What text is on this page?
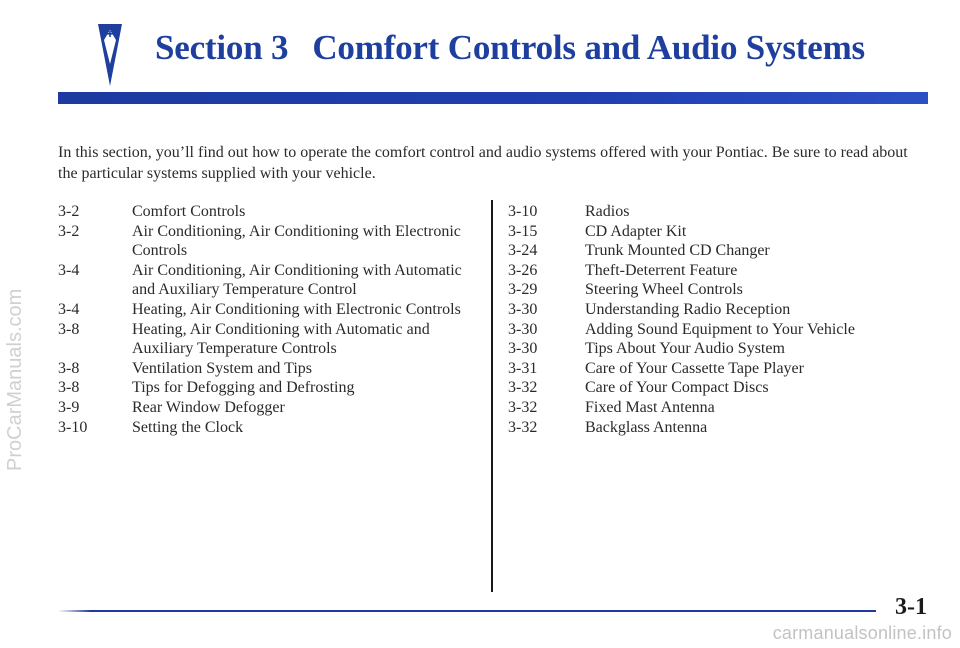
Section 3 Comfort Controls and Audio Systems

In this section, you’ll find out how to operate the comfort control and audio systems offered with your Pontiac. Be sure to read about the particular systems supplied with your vehicle.

3-2	Comfort Controls
3-2	Air Conditioning, Air Conditioning with Electronic Controls
3-4	Air Conditioning, Air Conditioning with Automatic and Auxiliary Temperature Control
3-4	Heating, Air Conditioning with Electronic Controls
3-8	Heating, Air Conditioning with Automatic and Auxiliary Temperature Controls
3-8	Ventilation System and Tips
3-8	Tips for Defogging and Defrosting
3-9	Rear Window Defogger
3-10	Setting the Clock
3-10	Radios
3-15	CD Adapter Kit
3-24	Trunk Mounted CD Changer
3-26	Theft-Deterrent Feature
3-29	Steering Wheel Controls
3-30	Understanding Radio Reception
3-30	Adding Sound Equipment to Your Vehicle
3-30	Tips About Your Audio System
3-31	Care of Your Cassette Tape Player
3-32	Care of Your Compact Discs
3-32	Fixed Mast Antenna
3-32	Backglass Antenna
3-1
ProCarManuals.com
carmanualsonline.info
